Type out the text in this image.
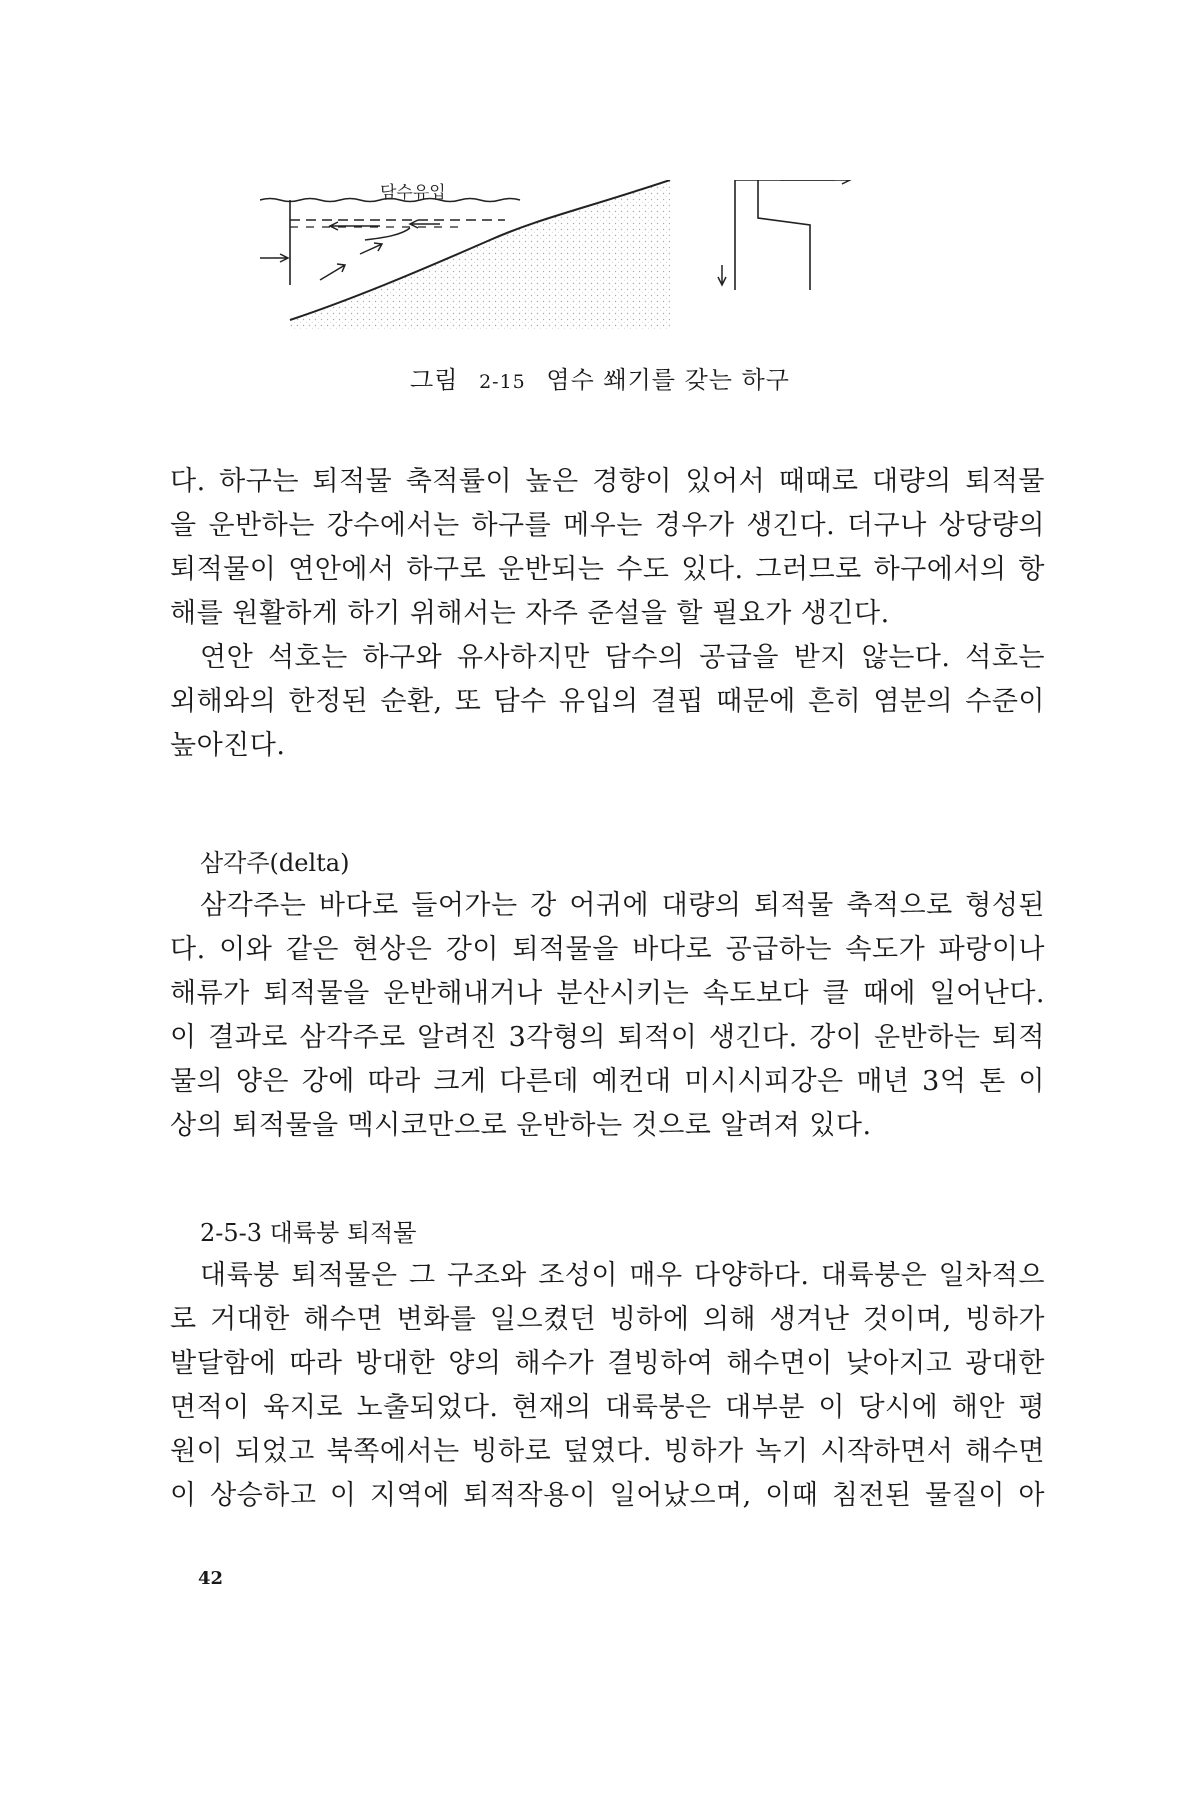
담수유입
그림 2-15 염수 쐐기를 갖는 하구
다. 하구는 퇴적물 축적률이 높은 경향이 있어서 때때로 대량의 퇴적물
을 운반하는 강수에서는 하구를 메우는 경우가 생긴다. 더구나 상당량의
퇴적물이 연안에서 하구로 운반되는 수도 있다. 그러므로 하구에서의 항
해를 원활하게 하기 위해서는 자주 준설을 할 필요가 생긴다.
연안 석호는 하구와 유사하지만 담수의 공급을 받지 않는다. 석호는
외해와의 한정된 순환, 또 담수 유입의 결핍 때문에 흔히 염분의 수준이
높아진다.
삼각주(delta)
삼각주는 바다로 들어가는 강 어귀에 대량의 퇴적물 축적으로 형성된
다. 이와 같은 현상은 강이 퇴적물을 바다로 공급하는 속도가 파랑이나
해류가 퇴적물을 운반해내거나 분산시키는 속도보다 클 때에 일어난다.
이 결과로 삼각주로 알려진 3각형의 퇴적이 생긴다. 강이 운반하는 퇴적
물의 양은 강에 따라 크게 다른데 예컨대 미시시피강은 매년 3억 톤 이
상의 퇴적물을 멕시코만으로 운반하는 것으로 알려져 있다.
2-5-3 대륙붕 퇴적물
대륙붕 퇴적물은 그 구조와 조성이 매우 다양하다. 대륙붕은 일차적으
로 거대한 해수면 변화를 일으켰던 빙하에 의해 생겨난 것이며, 빙하가
발달함에 따라 방대한 양의 해수가 결빙하여 해수면이 낮아지고 광대한
면적이 육지로 노출되었다. 현재의 대륙붕은 대부분 이 당시에 해안 평
원이 되었고 북쪽에서는 빙하로 덮였다. 빙하가 녹기 시작하면서 해수면
이 상승하고 이 지역에 퇴적작용이 일어났으며, 이때 침전된 물질이 아
42
